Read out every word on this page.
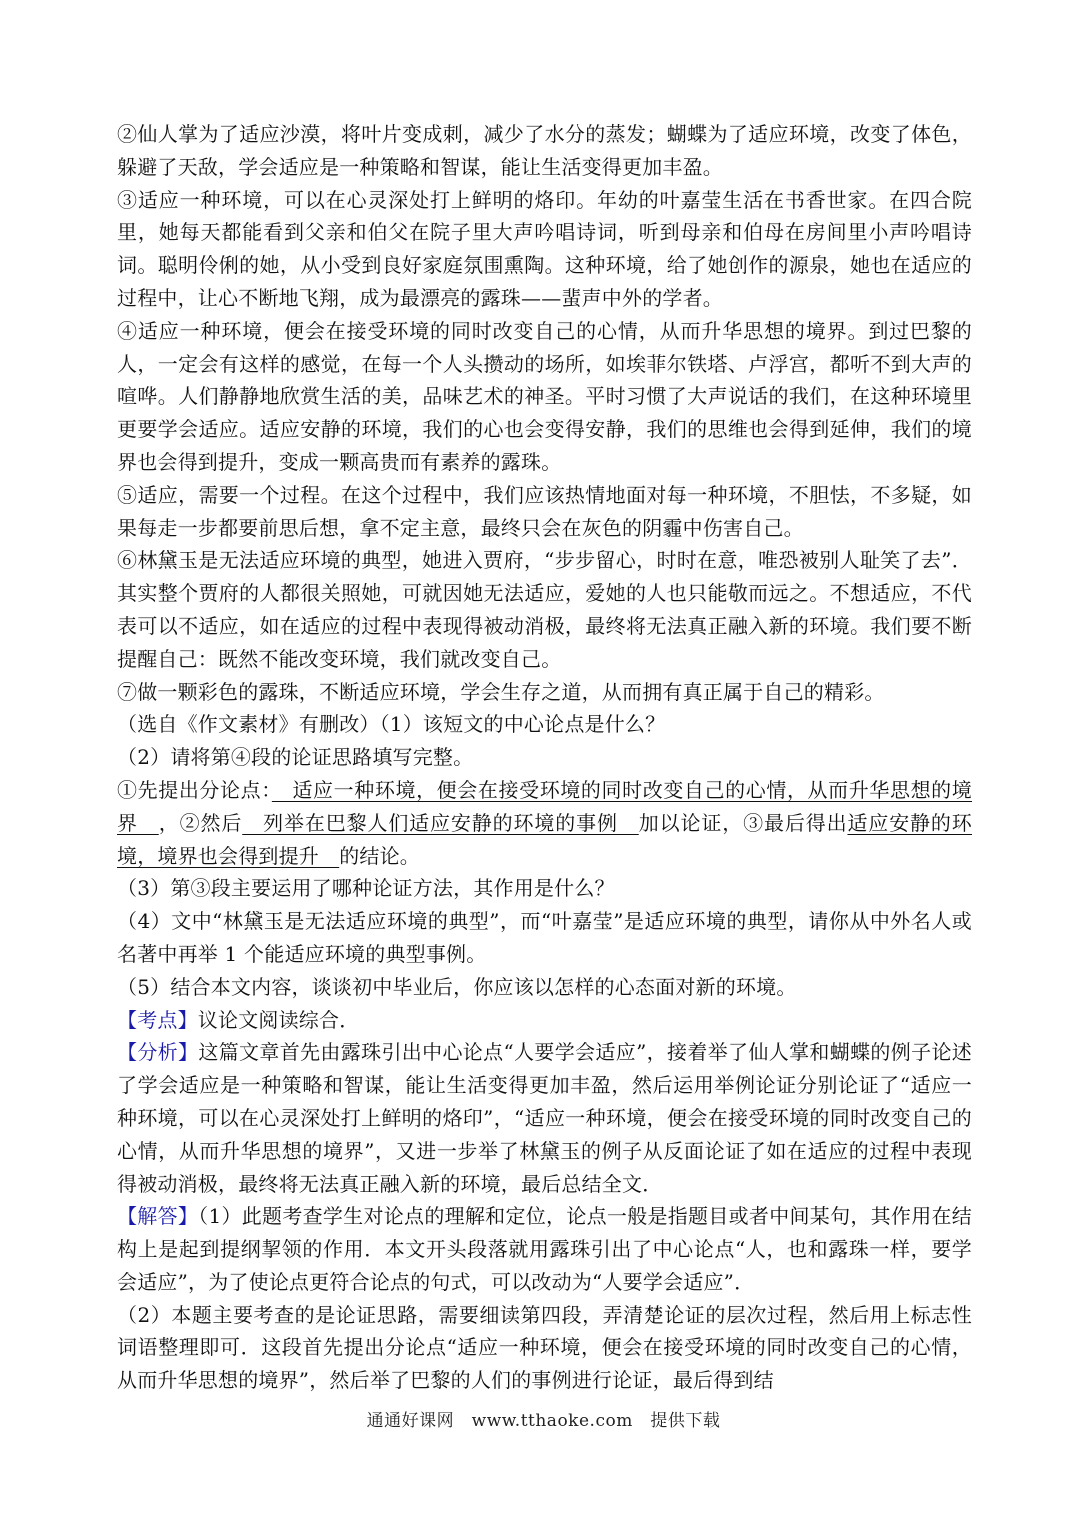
②仙人掌为了适应沙漠，将叶片变成刺，减少了水分的蒸发；蝴蝶为了适应环境，改变了体色，躲避了天敌，学会适应是一种策略和智谋，能让生活变得更加丰盈。

③适应一种环境，可以在心灵深处打上鲜明的烙印。年幼的叶嘉莹生活在书香世家。在四合院里，她每天都能看到父亲和伯父在院子里大声吟唱诗词，听到母亲和伯母在房间里小声吟唱诗词。聪明伶俐的她，从小受到良好家庭氛围熏陶。这种环境，给了她创作的源泉，她也在适应的过程中，让心不断地飞翔，成为最漂亮的露珠——蜚声中外的学者。

④适应一种环境，便会在接受环境的同时改变自己的心情，从而升华思想的境界。到过巴黎的人，一定会有这样的感觉，在每一个人头攒动的场所，如埃菲尔铁塔、卢浮宫，都听不到大声的喧哗。人们静静地欣赏生活的美，品味艺术的神圣。平时习惯了大声说话的我们，在这种环境里更要学会适应。适应安静的环境，我们的心也会变得安静，我们的思维也会得到延伸，我们的境界也会得到提升，变成一颗高贵而有素养的露珠。

⑤适应，需要一个过程。在这个过程中，我们应该热情地面对每一种环境，不胆怯，不多疑，如果每走一步都要前思后想，拿不定主意，最终只会在灰色的阴霾中伤害自己。

⑥林黛玉是无法适应环境的典型，她进入贾府，“步步留心，时时在意，唯恐被别人耻笑了去”．其实整个贾府的人都很关照她，可就因她无法适应，爱她的人也只能敬而远之。不想适应，不代表可以不适应，如在适应的过程中表现得被动消极，最终将无法真正融入新的环境。我们要不断提醒自己：既然不能改变环境，我们就改变自己。

⑦做一颗彩色的露珠，不断适应环境，学会生存之道，从而拥有真正属于自己的精彩。

（选自《作文素材》有删改）（1）该短文的中心论点是什么？

（2）请将第④段的论证思路填写完整。

①先提出分论点：　适应一种环境，便会在接受环境的同时改变自己的心情，从而升华思想的境界　，②然后　列举在巴黎人们适应安静的环境的事例　加以论证，③最后得出适应安静的环境，境界也会得到提升　的结论。

（3）第③段主要运用了哪种论证方法，其作用是什么？

（4）文中“林黛玉是无法适应环境的典型”，而“叶嘉莹”是适应环境的典型，请你从中外名人或名著中再举 1 个能适应环境的典型事例。

（5）结合本文内容，谈谈初中毕业后，你应该以怎样的心态面对新的环境。

【考点】议论文阅读综合．

【分析】这篇文章首先由露珠引出中心论点“人要学会适应”，接着举了仙人掌和蝴蝶的例子论述了学会适应是一种策略和智谋，能让生活变得更加丰盈，然后运用举例论证分别论证了“适应一种环境，可以在心灵深处打上鲜明的烙印”，“适应一种环境，便会在接受环境的同时改变自己的心情，从而升华思想的境界”，又进一步举了林黛玉的例子从反面论证了如在适应的过程中表现得被动消极，最终将无法真正融入新的环境，最后总结全文．

【解答】（1）此题考查学生对论点的理解和定位，论点一般是指题目或者中间某句，其作用在结构上是起到提纲挈领的作用．本文开头段落就用露珠引出了中心论点“人，也和露珠一样，要学会适应”，为了使论点更符合论点的句式，可以改动为“人要学会适应”．

（2）本题主要考查的是论证思路，需要细读第四段，弄清楚论证的层次过程，然后用上标志性词语整理即可．这段首先提出分论点“适应一种环境，便会在接受环境的同时改变自己的心情，从而升华思想的境界”，然后举了巴黎的人们的事例进行论证，最后得到结

通通好课网　www.tthaoke.com　提供下载
